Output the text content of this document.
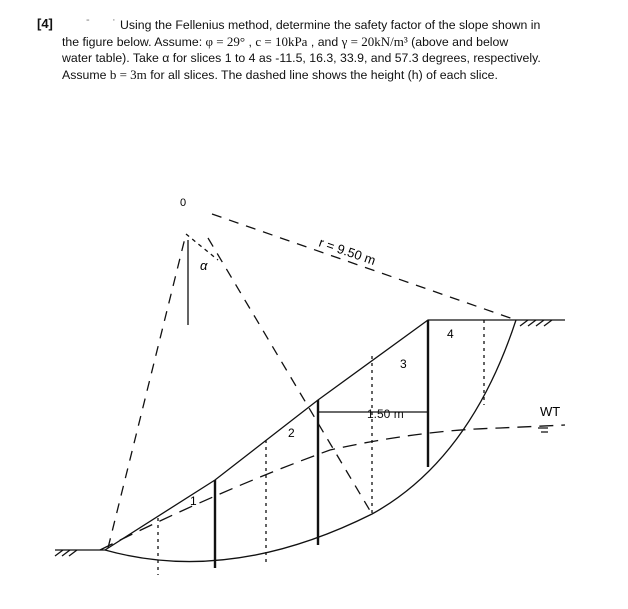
[4]	- · Using the Fellenius method, determine the safety factor of the slope shown in
the figure below. Assume: φ = 29° , c = 10kPa , and γ = 20kN/m³ (above and below
water table). Take α for slices 1 to 4 as -11.5, 16.3, 33.9, and 57.3 degrees, respectively.
Assume b = 3m for all slices. The dashed line shows the height (h) of each slice.
0
α	r = 9.50 m
1
2
3
4
1.50 m	WT
